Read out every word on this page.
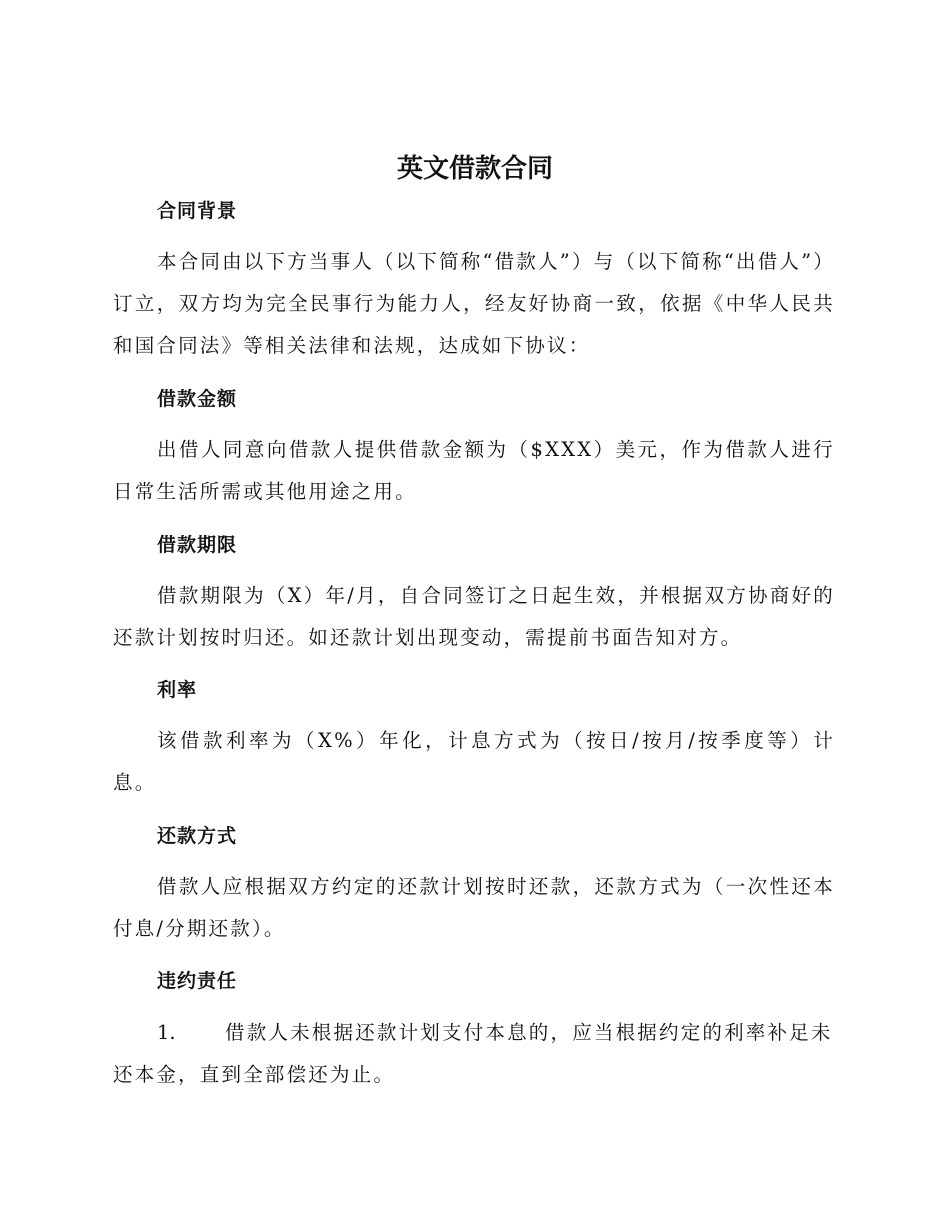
英文借款合同
合同背景

本合同由以下方当事人（以下简称“借款人”）与（以下简称“出借人”）订立，双方均为完全民事行为能力人，经友好协商一致，依据《中华人民共和国合同法》等相关法律和法规，达成如下协议：

借款金额

出借人同意向借款人提供借款金额为（$XXX）美元，作为借款人进行日常生活所需或其他用途之用。

借款期限

借款期限为（X）年/月，自合同签订之日起生效，并根据双方协商好的还款计划按时归还。如还款计划出现变动，需提前书面告知对方。

利率

该借款利率为（X%）年化，计息方式为（按日/按月/按季度等）计息。

还款方式

借款人应根据双方约定的还款计划按时还款，还款方式为（一次性还本付息/分期还款）。

违约责任

1.	借款人未根据还款计划支付本息的，应当根据约定的利率补足未还本金，直到全部偿还为止。
